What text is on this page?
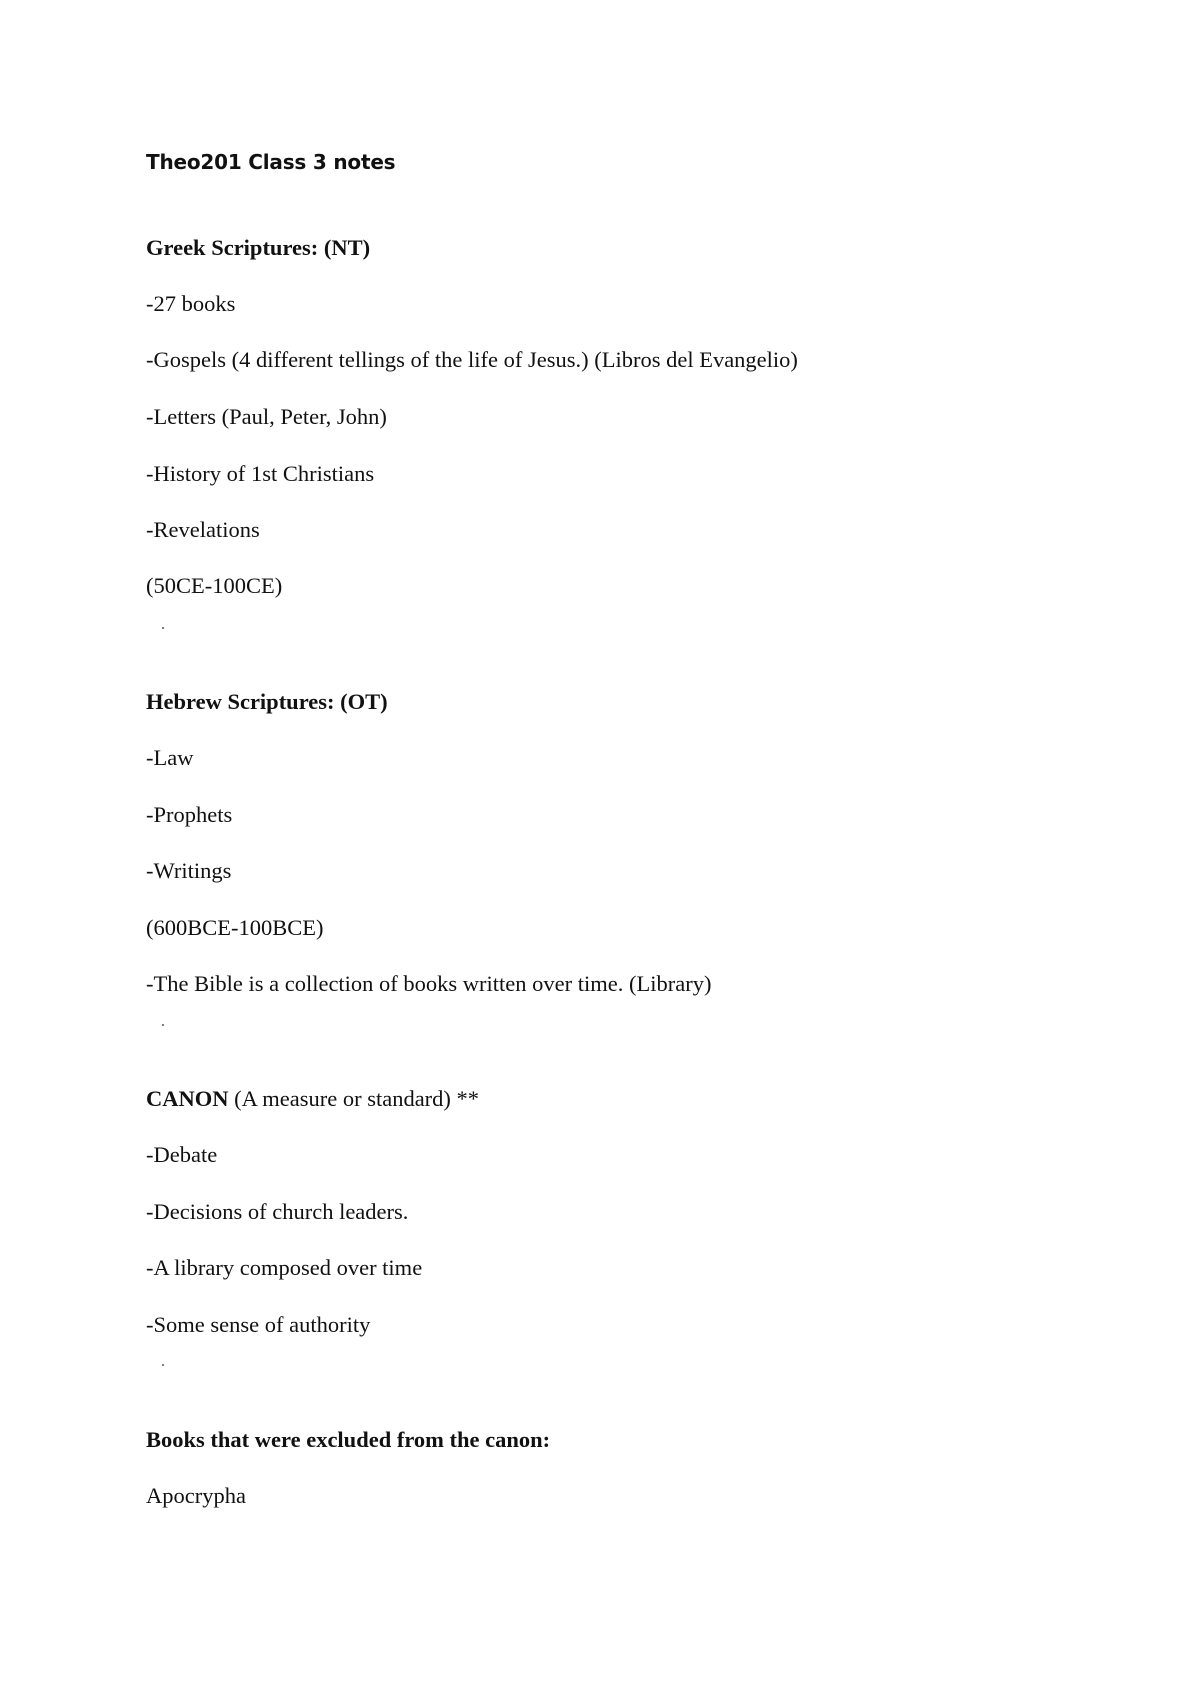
Theo201 Class 3 notes
Greek Scriptures: (NT)
-27 books
-Gospels (4 different tellings of the life of Jesus.) (Libros del Evangelio)
-Letters (Paul, Peter, John)
-History of 1st Christians
-Revelations
(50CE-100CE)
Hebrew Scriptures: (OT)
-Law
-Prophets
-Writings
(600BCE-100BCE)
-The Bible is a collection of books written over time. (Library)
CANON (A measure or standard) **
-Debate
-Decisions of church leaders.
-A library composed over time
-Some sense of authority
Books that were excluded from the canon:
Apocrypha
